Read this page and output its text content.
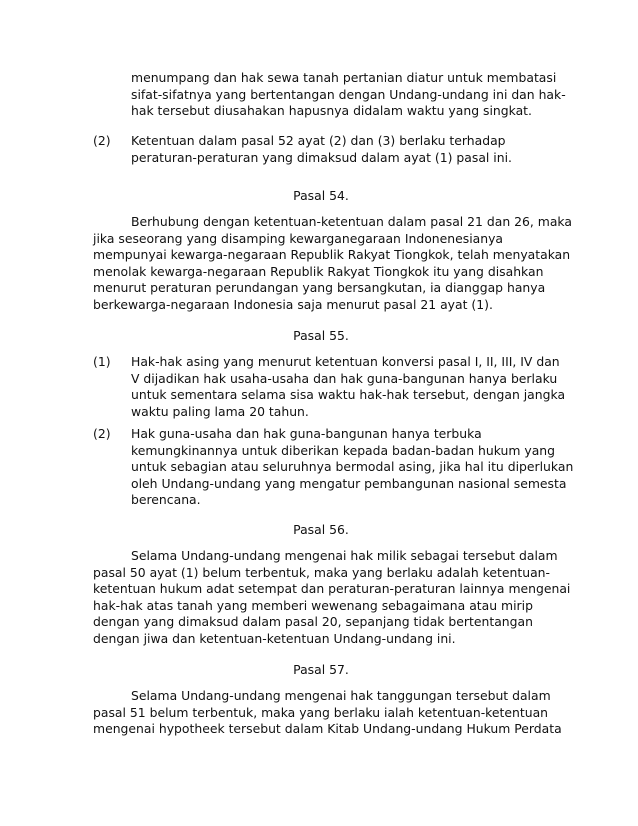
menumpang dan hak sewa tanah pertanian diatur untuk membatasi
sifat-sifatnya yang bertentangan dengan Undang-undang ini dan hak-
hak tersebut diusahakan hapusnya didalam waktu yang singkat.
(2) Ketentuan dalam pasal 52 ayat (2) dan (3) berlaku terhadap
peraturan-peraturan yang dimaksud dalam ayat (1) pasal ini.
Pasal 54.
Berhubung dengan ketentuan-ketentuan dalam pasal 21 dan 26, maka
jika seseorang yang disamping kewarganegaraan Indonenesianya
mempunyai kewarga-negaraan Republik Rakyat Tiongkok, telah menyatakan
menolak kewarga-negaraan Republik Rakyat Tiongkok itu yang disahkan
menurut peraturan perundangan yang bersangkutan, ia dianggap hanya
berkewarga-negaraan Indonesia saja menurut pasal 21 ayat (1).
Pasal 55.
(1) Hak-hak asing yang menurut ketentuan konversi pasal I, II, III, IV dan
V dijadikan hak usaha-usaha dan hak guna-bangunan hanya berlaku
untuk sementara selama sisa waktu hak-hak tersebut, dengan jangka
waktu paling lama 20 tahun.
(2) Hak guna-usaha dan hak guna-bangunan hanya terbuka
kemungkinannya untuk diberikan kepada badan-badan hukum yang
untuk sebagian atau seluruhnya bermodal asing, jika hal itu diperlukan
oleh Undang-undang yang mengatur pembangunan nasional semesta
berencana.
Pasal 56.
Selama Undang-undang mengenai hak milik sebagai tersebut dalam
pasal 50 ayat (1) belum terbentuk, maka yang berlaku adalah ketentuan-
ketentuan hukum adat setempat dan peraturan-peraturan lainnya mengenai
hak-hak atas tanah yang memberi wewenang sebagaimana atau mirip
dengan yang dimaksud dalam pasal 20, sepanjang tidak bertentangan
dengan jiwa dan ketentuan-ketentuan Undang-undang ini.
Pasal 57.
Selama Undang-undang mengenai hak tanggungan tersebut dalam
pasal 51 belum terbentuk, maka yang berlaku ialah ketentuan-ketentuan
mengenai hypotheek tersebut dalam Kitab Undang-undang Hukum Perdata
